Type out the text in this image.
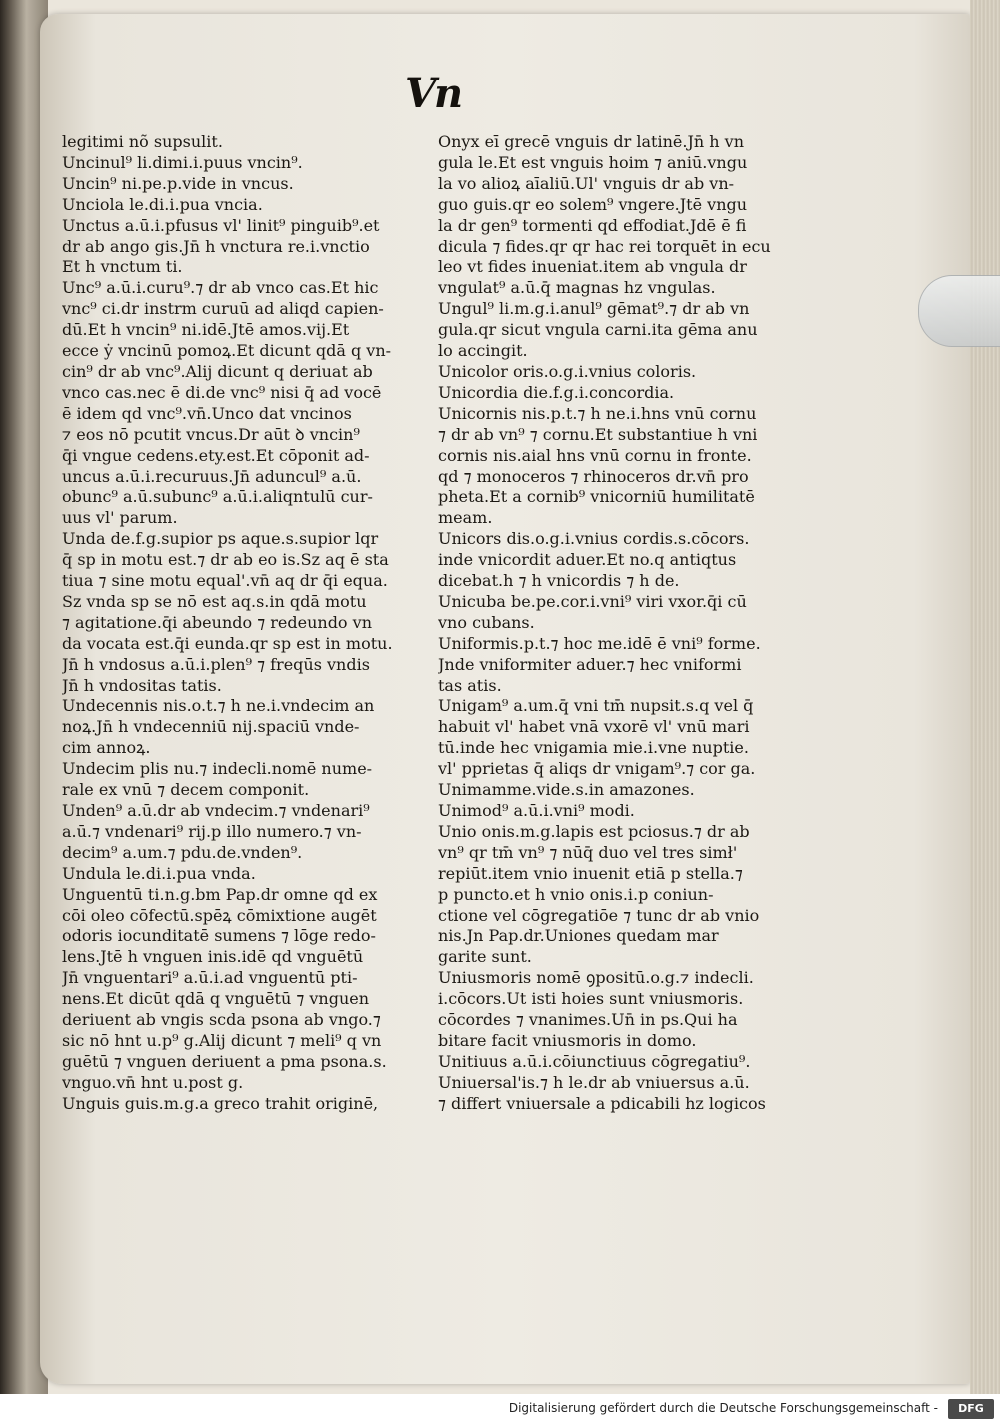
Vn
legitimi nõ supsulit.
Uncinul⁹ li.dimi.i.puus vncin⁹.
Uncin⁹ ni.pe.p.vide in vncus.
Unciola le.di.i.pua vncia.
Unctus a.ū.i.pfusus vl' linit⁹ pinguib⁹.et
dr ab ango gis.Jn̄ h vnctura re.i.vnctio
Et h vnctum ti.
Unc⁹ a.ū.i.curu⁹.⁊ dr ab vnco cas.Et hic
vnc⁹ ci.dr instrm curuū ad aliqd capien-
dū.Et h vncin⁹ ni.idē.Jtē amos.vij.Et
ecce ẏ vncinū pomoꝝ.Et dicunt qdā q vn-
cin⁹ dr ab vnc⁹.Alij dicunt q deriuat ab
vnco cas.nec ē di.de vnc⁹ nisi q̄ ad vocē
ē idem qd vnc⁹.vn̄.Unco dat vncinos
⁊ eos nō pcutit vncus.Dr aūt ꝺ vncin⁹
q̄i vngue cedens.ety.est.Et cōponit ad-
uncus a.ū.i.recuruus.Jn̄ aduncul⁹ a.ū.
obunc⁹ a.ū.subunc⁹ a.ū.i.aliqntulū cur-
uus vl' parum.
Unda de.f.g.supior ps aque.s.supior lqr
q̄ sp in motu est.⁊ dr ab eo is.Sz aq ē sta
tiua ⁊ sine motu equal'.vn̄ aq dr q̄i equa.
Sz vnda sp se nō est aq.s.in qdā motu
⁊ agitatione.q̄i abeundo ⁊ redeundo vn
da vocata est.q̄i eunda.qr sp est in motu.
Jn̄ h vndosus a.ū.i.plen⁹ ⁊ freqūs vndis
Jn̄ h vndositas tatis.
Undecennis nis.o.t.⁊ h ne.i.vndecim an
noꝝ.Jn̄ h vndecenniū nij.spaciū vnde-
cim annoꝝ.
Undecim plis nu.⁊ indecli.nomē nume-
rale ex vnū ⁊ decem componit.
Unden⁹ a.ū.dr ab vndecim.⁊ vndenari⁹
a.ū.⁊ vndenari⁹ rij.p illo numero.⁊ vn-
decim⁹ a.um.⁊ pdu.de.vnden⁹.
Undula le.di.i.pua vnda.
Unguentū ti.n.g.bm Pap.dr omne qd ex
cōi oleo cōfectū.spēꝝ cōmixtione augēt
odoris iocunditatē sumens ⁊ lōge redo-
lens.Jtē h vnguen inis.idē qd vnguētū
Jn̄ vnguentari⁹ a.ū.i.ad vnguentū pti-
nens.Et dicūt qdā q vnguētū ⁊ vnguen
deriuent ab vngis scda psona ab vngo.⁊
sic nō hnt u.p⁹ g.Alij dicunt ⁊ meli⁹ q vn
guētū ⁊ vnguen deriuent a pma psona.s.
vnguo.vn̄ hnt u.post g.
Unguis guis.m.g.a greco trahit originē,
Onyx eī grecē vnguis dr latinē.Jn̄ h vn
gula le.Et est vnguis hoim ⁊ aniū.vngu
la vo alioꝝ aīaliū.Ul' vnguis dr ab vn-
guo guis.qr eo solem⁹ vngere.Jtē vngu
la dr gen⁹ tormenti qd effodiat.Jdē ē fi
dicula ⁊ fides.qr qr hac rei torquēt in ecu
leo vt fides inueniat.item ab vngula dr
vngulat⁹ a.ū.q̄ magnas hz vngulas.
Ungul⁹ li.m.g.i.anul⁹ gēmat⁹.⁊ dr ab vn
gula.qr sicut vngula carni.ita gēma anu
lo accingit.
Unicolor oris.o.g.i.vnius coloris.
Unicordia die.f.g.i.concordia.
Unicornis nis.p.t.⁊ h ne.i.hns vnū cornu
⁊ dr ab vn⁹ ⁊ cornu.Et substantiue h vni
cornis nis.aial hns vnū cornu in fronte.
qd ⁊ monoceros ⁊ rhinoceros dr.vn̄ pro
pheta.Et a cornib⁹ vnicorniū humilitatē
meam.
Unicors dis.o.g.i.vnius cordis.s.cōcors.
inde vnicordit aduer.Et no.q antiqtus
dicebat.h ⁊ h vnicordis ⁊ h de.
Unicuba be.pe.cor.i.vni⁹ viri vxor.q̄i cū
vno cubans.
Uniformis.p.t.⁊ hoc me.idē ē vni⁹ forme.
Jnde vniformiter aduer.⁊ hec vniformi
tas atis.
Unigam⁹ a.um.q̄ vni tm̄ nupsit.s.q vel q̄
habuit vl' habet vnā vxorē vl' vnū mari
tū.inde hec vnigamia mie.i.vne nuptie.
vl' pprietas q̄ aliqs dr vnigam⁹.⁊ cor ga.
Unimamme.vide.s.in amazones.
Unimod⁹ a.ū.i.vni⁹ modi.
Unio onis.m.g.lapis est pciosus.⁊ dr ab
vn⁹ qr tm̄ vn⁹ ⁊ nūq̄ duo vel tres simł'
repiūt.item vnio inuenit etiā p stella.⁊
p puncto.et h vnio onis.i.p coniun-
ctione vel cōgregatiōe ⁊ tunc dr ab vnio
nis.Jn Pap.dr.Uniones quedam mar
garite sunt.
Uniusmoris nomē ꝯpositū.o.g.⁊ indecli.
i.cōcors.Ut isti hoies sunt vniusmoris.
cōcordes ⁊ vnanimes.Un̄ in ps.Qui ha
bitare facit vniusmoris in domo.
Unitiuus a.ū.i.cōiunctiuus cōgregatiu⁹.
Uniuersal'is.⁊ h le.dr ab vniuersus a.ū.
⁊ differt vniuersale a pdicabili hz logicos
Digitalisierung gefördert durch die Deutsche Forschungsgemeinschaft -	DFG
